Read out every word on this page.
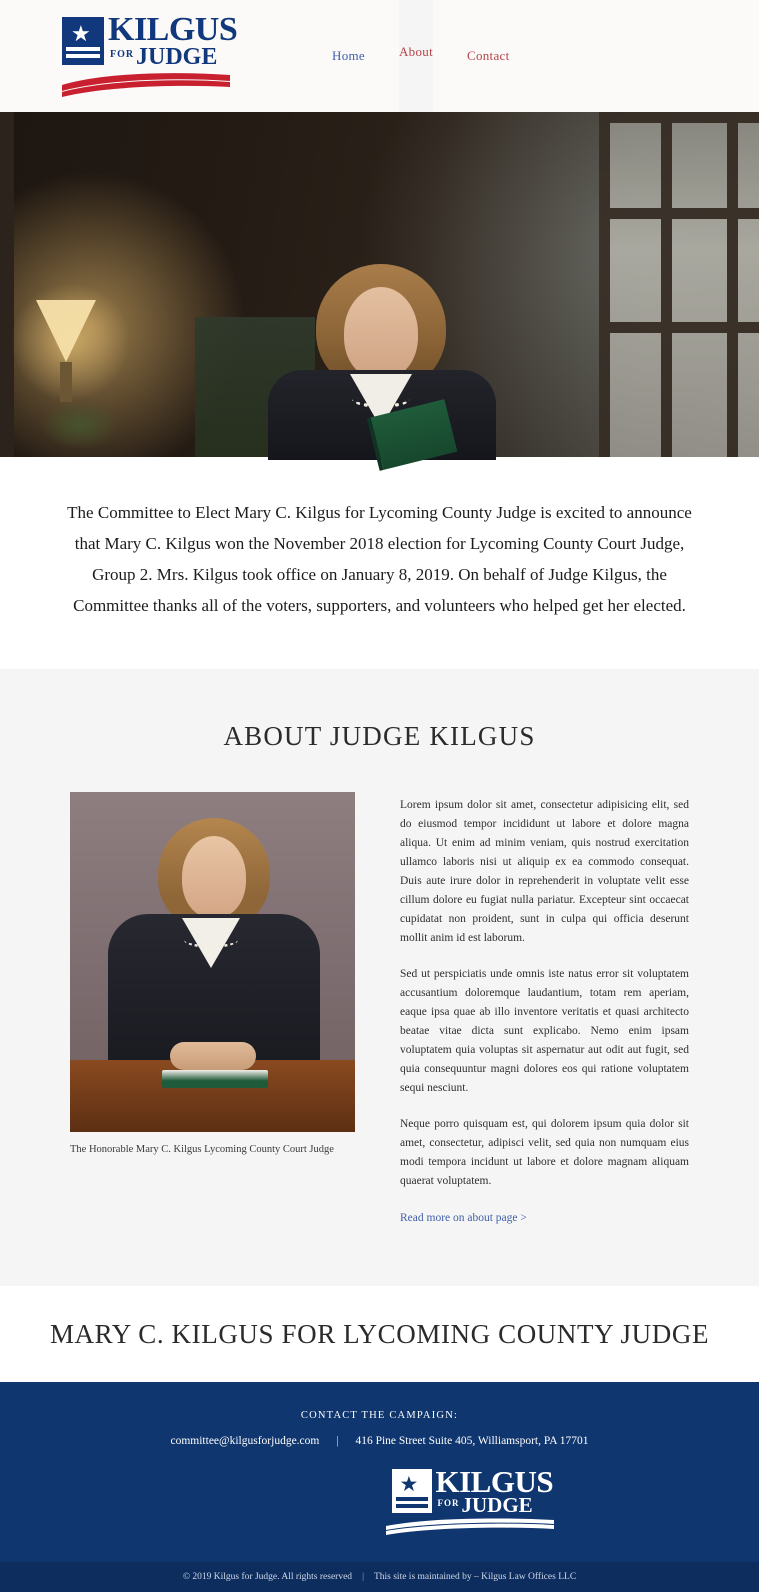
★ KILGUS
FOR JUDGE	Home	About	Contact

The Committee to Elect Mary C. Kilgus for Lycoming County Judge is excited to announce that Mary C. Kilgus won the November 2018 election for Lycoming County Court Judge, Group 2. Mrs. Kilgus took office on January 8, 2019. On behalf of Judge Kilgus, the Committee thanks all of the voters, supporters, and volunteers who helped get her elected.

ABOUT JUDGE KILGUS
The Honorable Mary C. Kilgus Lycoming County Court Judge

Lorem ipsum dolor sit amet, consectetur adipisicing elit, sed do eiusmod tempor incididunt ut labore et dolore magna aliqua. Ut enim ad minim veniam, quis nostrud exercitation ullamco laboris nisi ut aliquip ex ea commodo consequat. Duis aute irure dolor in reprehenderit in voluptate velit esse cillum dolore eu fugiat nulla pariatur. Excepteur sint occaecat cupidatat non proident, sunt in culpa qui officia deserunt mollit anim id est laborum.

Sed ut perspiciatis unde omnis iste natus error sit voluptatem accusantium doloremque laudantium, totam rem aperiam, eaque ipsa quae ab illo inventore veritatis et quasi architecto beatae vitae dicta sunt explicabo. Nemo enim ipsam voluptatem quia voluptas sit aspernatur aut odit aut fugit, sed quia consequuntur magni dolores eos qui ratione voluptatem sequi nesciunt.

Neque porro quisquam est, qui dolorem ipsum quia dolor sit amet, consectetur, adipisci velit, sed quia non numquam eius modi tempora incidunt ut labore et dolore magnam aliquam quaerat voluptatem.

Read more on about page >
MARY C. KILGUS FOR LYCOMING COUNTY JUDGE
CONTACT THE CAMPAIGN:
committee@kilgusforjudge.com | 416 Pine Street Suite 405, Williamsport, PA 17701
★ KILGUS
FOR JUDGE
© 2019 Kilgus for Judge. All rights reserved | This site is maintained by – Kilgus Law Offices LLC
